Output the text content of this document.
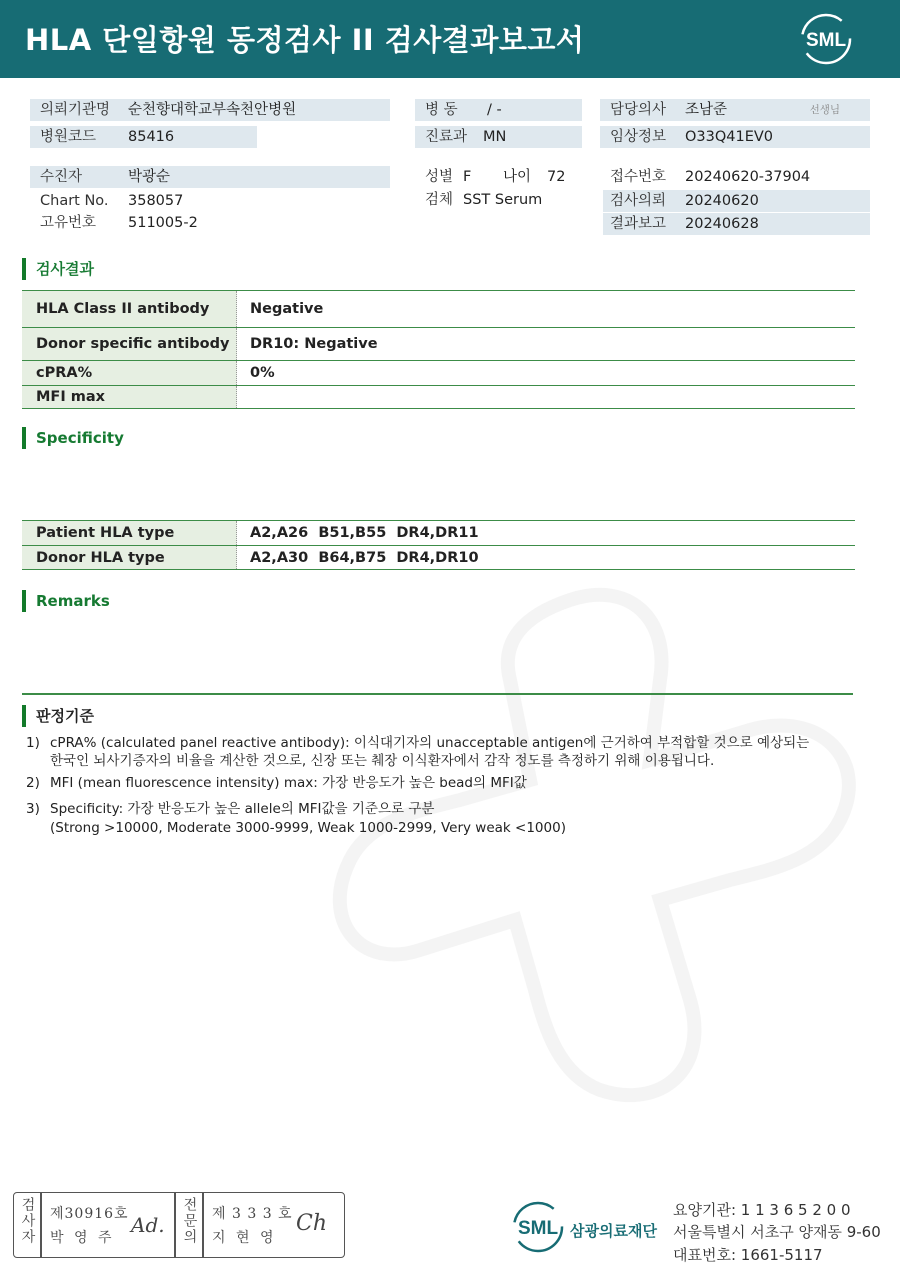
HLA 단일항원 동정검사 II 검사결과보고서	SML
의뢰기관명 순천향대학교부속천안병원
병원코드 85416
병 동 / -
진료과 MN
담당의사 조남준	선생님
임상정보 O33Q41EV0
수진자	박광순
Chart No. 358057
고유번호 511005-2
성별 F 나이 72
검체 SST Serum
접수번호 20240620-37904
검사의뢰 20240620
결과보고 20240628
검사결과
HLA Class II antibody	Negative
Donor specific antibody	DR10: Negative
cPRA%	0%
MFI max
Specificity
Patient HLA type	A2,A26  B51,B55  DR4,DR11
Donor HLA type	A2,A30  B64,B75  DR4,DR10
Remarks
판정기준
1) cPRA% (calculated panel reactive antibody): 이식대기자의 unacceptable antigen에 근거하여 부적합할 것으로 예상되는
한국인 뇌사기증자의 비율을 계산한 것으로, 신장 또는 췌장 이식환자에서 감작 정도를 측정하기 위해 이용됩니다.
2) MFI (mean fluorescence intensity) max: 가장 반응도가 높은 bead의 MFI값
3) Specificity: 가장 반응도가 높은 allele의 MFI값을 기준으로 구분
(Strong >10000, Moderate 3000-9999, Weak 1000-2999, Very weak <1000)
검사자 제30916호
박 영 주
Ad. 전문의 제 3 3 3 호
지 현 영
Ch	SML 삼광의료재단
요양기관: 1 1 3 6 5 2 0 0
서울특별시 서초구 양재동 9-60
대표번호: 1661-5117
